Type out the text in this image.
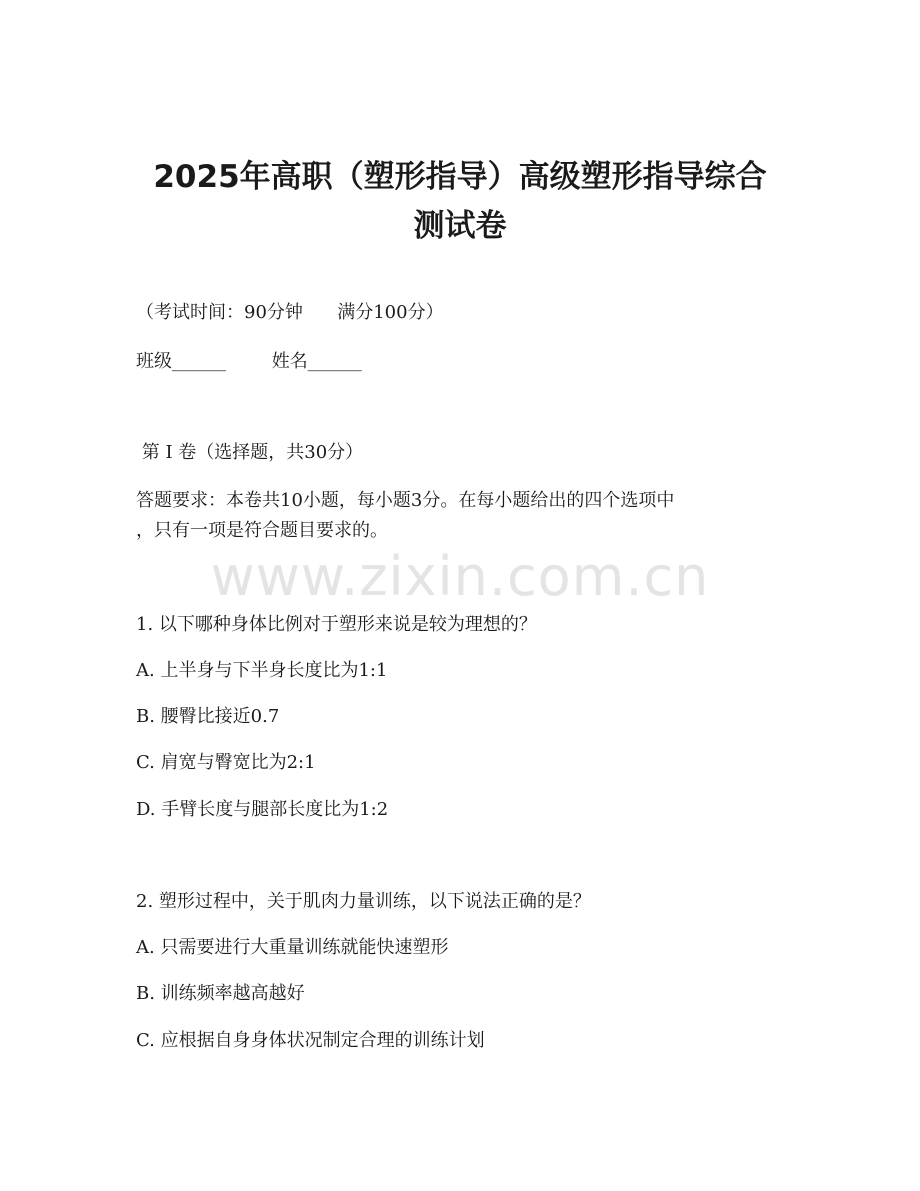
2025年高职（塑形指导）高级塑形指导综合
测试卷

（考试时间：90分钟      满分100分）

班级______        姓名______

第 I 卷（选择题，共30分）

答题要求：本卷共10小题，每小题3分。在每小题给出的四个选项中

，只有一项是符合题目要求的。

www.zixin.com.cn

1. 以下哪种身体比例对于塑形来说是较为理想的？

A. 上半身与下半身长度比为1:1

B. 腰臀比接近0.7

C. 肩宽与臀宽比为2:1

D. 手臂长度与腿部长度比为1:2

2. 塑形过程中，关于肌肉力量训练，以下说法正确的是？

A. 只需要进行大重量训练就能快速塑形

B. 训练频率越高越好

C. 应根据自身身体状况制定合理的训练计划
